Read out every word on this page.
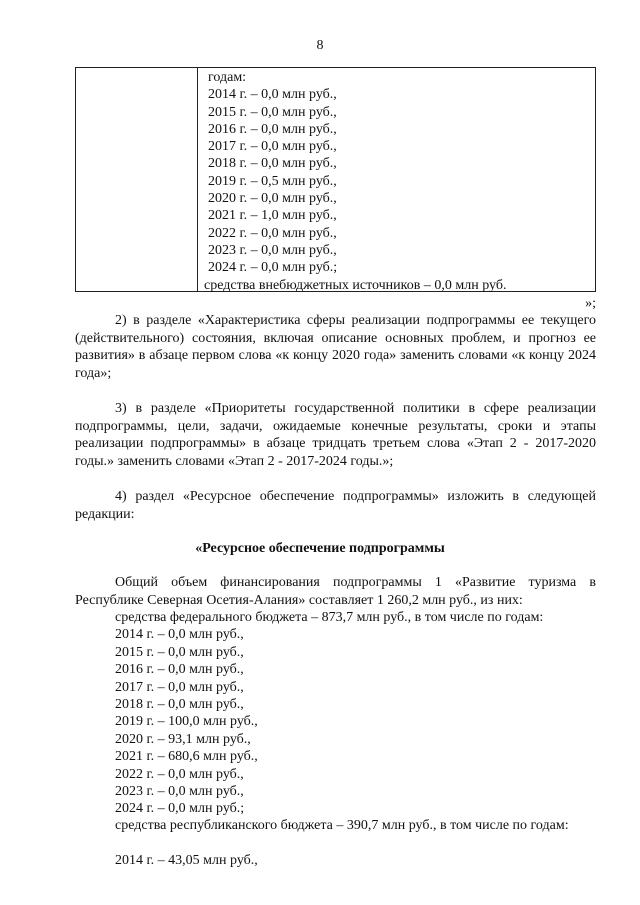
8
годам:
2014 г. – 0,0 млн руб.,
2015 г. – 0,0 млн руб.,
2016 г. – 0,0 млн руб.,
2017 г. – 0,0 млн руб.,
2018 г. – 0,0 млн руб.,
2019 г. – 0,5 млн руб.,
2020 г. – 0,0 млн руб.,
2021 г. – 1,0 млн руб.,
2022 г. – 0,0 млн руб.,
2023 г. – 0,0 млн руб.,
2024 г. – 0,0 млн руб.;
средства внебюджетных источников – 0,0 млн руб.
»;
2) в разделе «Характеристика сферы реализации подпрограммы ее текущего (действительного) состояния, включая описание основных проблем, и прогноз ее развития» в абзаце первом слова «к концу 2020 года» заменить словами «к концу 2024 года»;
3) в разделе «Приоритеты государственной политики в сфере реализации подпрограммы, цели, задачи, ожидаемые конечные результаты, сроки и этапы реализации подпрограммы» в абзаце тридцать третьем слова «Этап 2 - 2017-2020 годы.» заменить словами «Этап 2 - 2017-2024 годы.»;
4) раздел «Ресурсное обеспечение подпрограммы» изложить в следующей редакции:
«Ресурсное обеспечение подпрограммы
Общий объем финансирования подпрограммы 1 «Развитие туризма в Республике Северная Осетия-Алания» составляет 1 260,2 млн руб., из них:
средства федерального бюджета – 873,7 млн руб., в том числе по годам:
2014 г. – 0,0 млн руб.,
2015 г. – 0,0 млн руб.,
2016 г. – 0,0 млн руб.,
2017 г. – 0,0 млн руб.,
2018 г. – 0,0 млн руб.,
2019 г. – 100,0 млн руб.,
2020 г. – 93,1 млн руб.,
2021 г. – 680,6 млн руб.,
2022 г. – 0,0 млн руб.,
2023 г. – 0,0 млн руб.,
2024 г. – 0,0 млн руб.;
средства республиканского бюджета – 390,7 млн руб., в том числе по годам:
2014 г. – 43,05 млн руб.,
